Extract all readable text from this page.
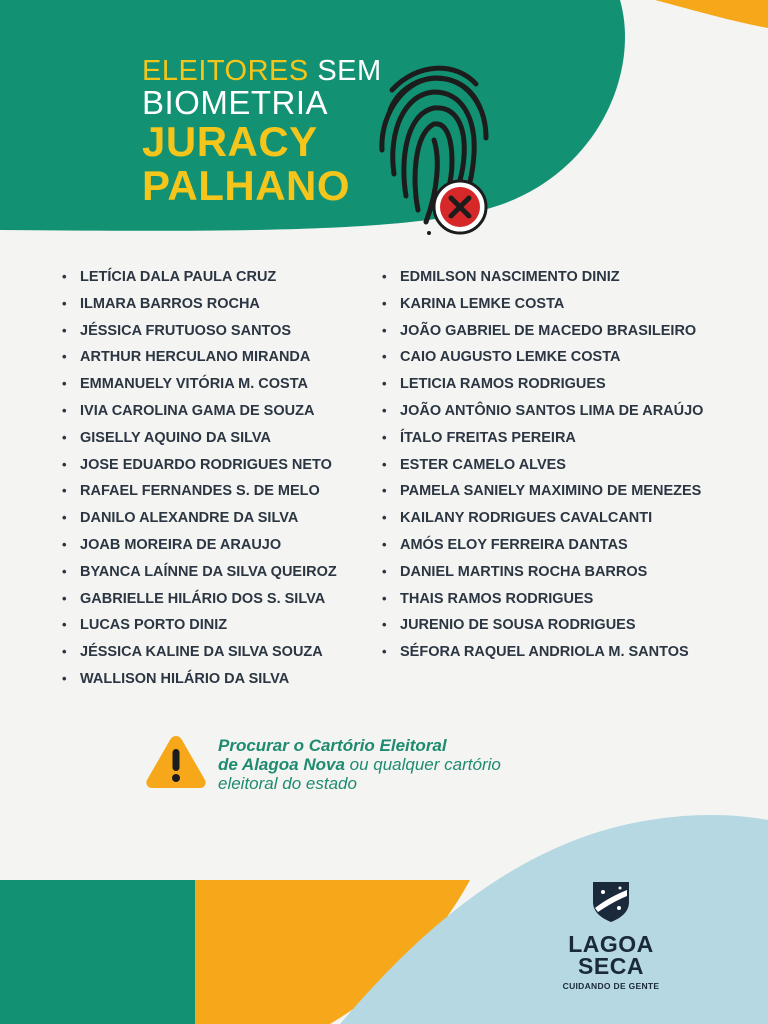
ELEITORES SEM
BIOMETRIA
JURACY
PALHANO
• LETÍCIA DALA PAULA CRUZ
• ILMARA BARROS ROCHA
• JÉSSICA FRUTUOSO SANTOS
• ARTHUR HERCULANO MIRANDA
• EMMANUELY VITÓRIA M. COSTA
• IVIA CAROLINA GAMA DE SOUZA
• GISELLY AQUINO DA SILVA
• JOSE EDUARDO RODRIGUES NETO
• RAFAEL FERNANDES S. DE MELO
• DANILO ALEXANDRE DA SILVA
• JOAB MOREIRA DE ARAUJO
• BYANCA LAÍNNE DA SILVA QUEIROZ
• GABRIELLE HILÁRIO DOS S. SILVA
• LUCAS PORTO DINIZ
• JÉSSICA KALINE DA SILVA SOUZA
• WALLISON HILÁRIO DA SILVA
• EDMILSON NASCIMENTO DINIZ
• KARINA LEMKE COSTA
• JOÃO GABRIEL DE MACEDO BRASILEIRO
• CAIO AUGUSTO LEMKE COSTA
• LETICIA RAMOS RODRIGUES
• JOÃO ANTÔNIO SANTOS LIMA DE ARAÚJO
• ÍTALO FREITAS PEREIRA
• ESTER CAMELO ALVES
• PAMELA SANIELY MAXIMINO DE MENEZES
• KAILANY RODRIGUES CAVALCANTI
• AMÓS ELOY FERREIRA DANTAS
• DANIEL MARTINS ROCHA BARROS
• THAIS RAMOS RODRIGUES
• JURENIO DE SOUSA RODRIGUES
• SÉFORA RAQUEL ANDRIOLA M. SANTOS
Procurar o Cartório Eleitoral
de Alagoa Nova ou qualquer cartório
eleitoral do estado
LAGOA
SECA
CUIDANDO DE GENTE
